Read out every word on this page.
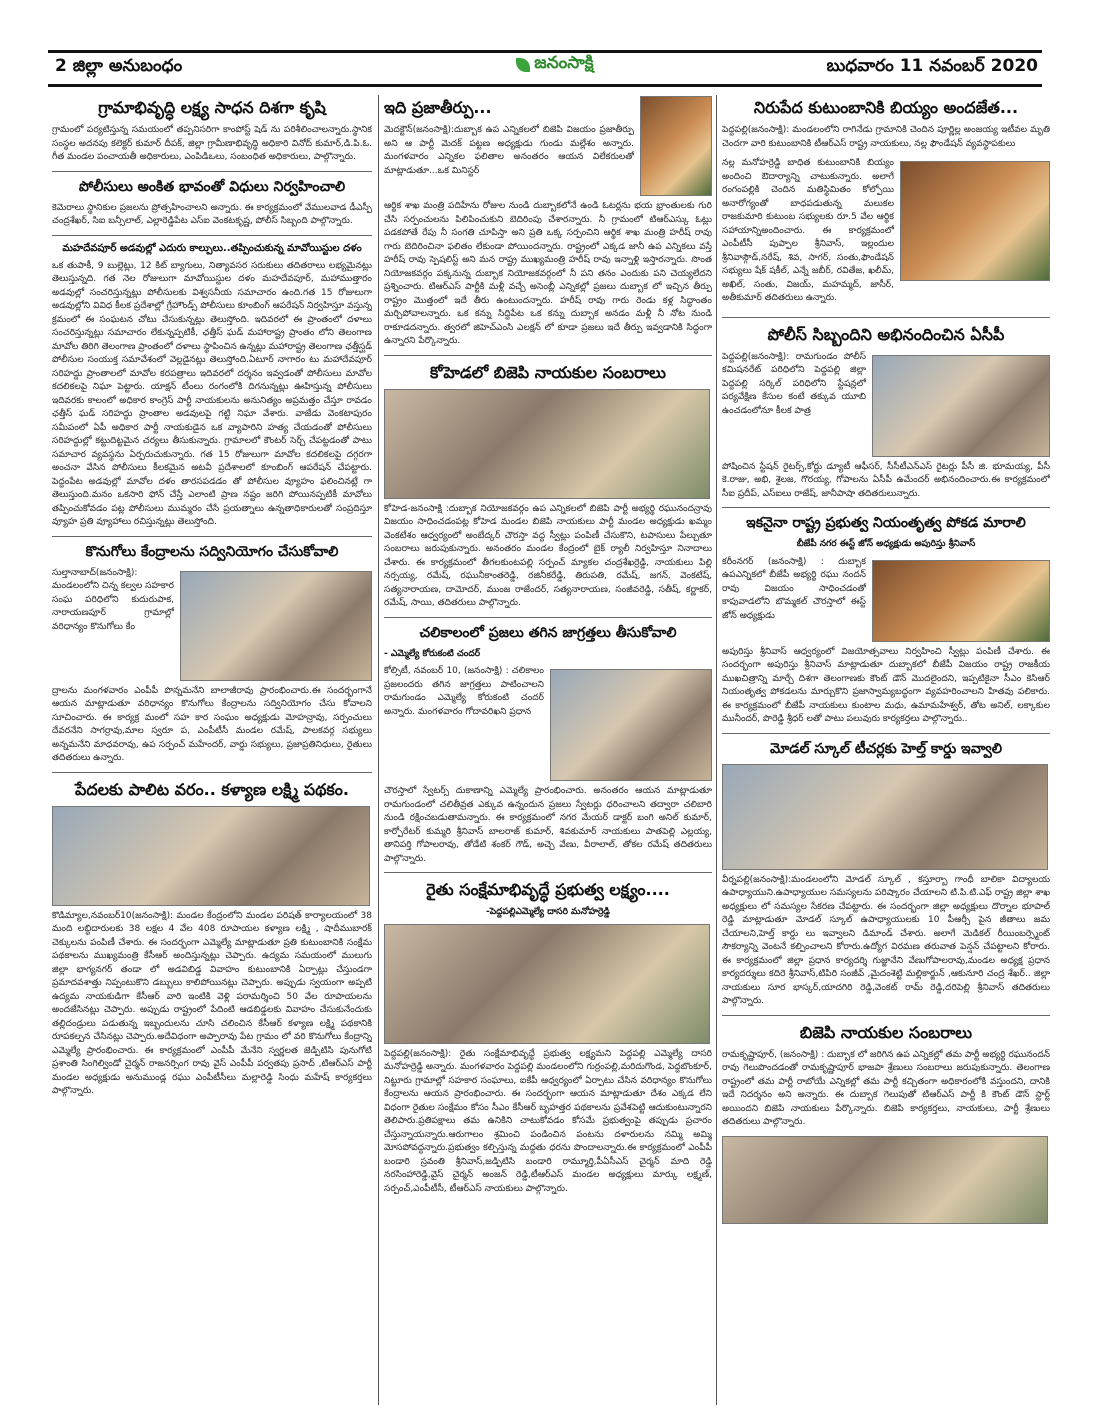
2 జిల్లా అనుబంధం	జనంసాక్షి	బుధవారం 11 నవంబర్ 2020
గ్రామాభివృద్ధి లక్ష్య సాధన దిశగా కృషి

గ్రామంలో పర్యటిస్తున్న సమయంలో తప్పనిసరిగా కాంపోస్ట్ షెడ్ ను పరిశీలించాలన్నారు.స్థానిక సంస్థల అదనపు కలెక్టర్ కుమార్ దీపక్, జిల్లా గ్రామీణాభివృద్ధి అధికారి వినోద్ కుమార్,డి.పి.ఓ. గీత మండల పంచాయతీ అధికారులు, ఎంపిడిఒలు, సంబంధిత అధికారులు, పాల్గొన్నారు.

పోలీసులు అంకిత భావంతో విధులు నిర్వహించాలి

కెమెరాలు స్థానికుల ప్రజలను ప్రోత్సహించాలని అన్నారు. ఈ కార్యక్రమంలో వేములవాడ డీఎస్పీ చంద్రశేఖర్, సిఐ బన్సీలాల్, ఎల్లారెడ్డిపేట ఎస్ఐ వెంకటకృష్ణ, పోలీస్ సిబ్బంది పాల్గొన్నారు.

మహదేవపూర్ అడవుల్లో ఎదురు కాల్పులు..తప్పించుకున్న మావోయిస్టుల దళం

ఒక తుపాకీ, 9 బుల్లెట్లు, 12 కిట్ బ్యాగులు, నిత్యావసర సరుకులు తదితరాలు లభ్యమైనట్లు తెలుస్తున్నది. గత నెల రోజులుగా మావోయిస్టుల దళం మహదేవపూర్, మహాముత్తారం అడవుల్లో సంచరిస్తున్నట్లు పోలీసులకు విశ్వసనీయ సమాచారం ఉంది.గత 15 రోజులుగా అడవుల్లోని వివిధ కీలక ప్రదేశాల్లో గ్రేహౌండ్స్ పోలీసులు కూంబింగ్ ఆపరేషన్ నిర్వహిస్తూ వస్తున్న క్రమంలో ఈ సంఘటన చోటు చేసుకున్నట్లు తెలుస్తోంది. ఇదివరలో ఈ ప్రాంతంలో దళాలు సంచరిస్తున్నట్లు సమాచారం లేకున్నప్పటికీ, ఛత్తీస్ ఘడ్ మహారాష్ట్ర ప్రాంతం లోని తెలంగాణ మావోల తిరిగి తెలంగాణ ప్రాంతంలో దళాలు స్థాపించిన ఉన్నట్లు మహారాష్ట్ర తెలంగాణ ఛత్తీస్ఘడ్ పోలీసుల సంయుక్త సమావేశంలో వెల్లడైనట్లు తెలుస్తోంది.ఏటూర్ నాగారం టు మహాదేవపూర్ సరిహద్దు ప్రాంతాలలో మావోల కరపత్రాలు ఇదివరలో దర్శనం ఇవ్వడంతో పోలీసులు మావోల కదలికలపై నిఘా పెట్టారు. యాక్షన్ టీంలు రంగంలోకి దిగనున్నట్లు ఊహిస్తున్న పోలీసులు ఇదివరకు కాలంలో అధికార కాంగ్రెస్ పార్టీ నాయకులను అనునిత్యం అప్రమత్తం చేస్తూ రావడం ఛత్తీస్ ఘడ్ సరిహద్దు ప్రాంతాల అడవులపై గట్టి నిఘా వేశారు. వాజేడు వెంకటాపురం సమీపంలో ఏపీ అధికార పార్టీ నాయకుడైన ఒక వ్యాపారిని హత్య చేయడంతో పోలీసులు సరిహద్దుల్లో కట్టుదిట్టమైన చర్యలు తీసుకున్నారు. గ్రామాలలో కౌంటర్ సెర్చ్ చేపట్టడంతో పాటు సమాచార వ్యవస్థను ఏర్పరుచుకున్నారు. గత 15 రోజులుగా మావోల కదలికలపై దగ్గరగా అంచనా వేసిన పోలీసులు కీలకమైన అటవీ ప్రదేశాలలో కూంబింగ్ ఆపరేషన్ చేపట్టారు. పెద్దంపేట అడవుల్లో మావోల దళం తారసపడడం తో పోలీసుల వ్యూహం ఫలించినట్లే గా తెలుస్తుంది.మనం ఒకసారి ఫోన్ చేస్తే ఎలాంటి ప్రాణ నష్టం జరిగి పోయినప్పటికీ మావోలు తప్పించుకోవడం పట్ల పోలీసులు ముమ్మరం చేసే ప్రయత్నాలు ఉన్నతాధికారులతో సంప్రదిస్తూ వ్యూహ ప్రతి వ్యూహాలు రచిస్తున్నట్లు తెలుస్తోంది.

కొనుగోలు కేంద్రాలను సద్వినియోగం చేసుకోవాలి

సుల్తానాబాద్(జనంసాక్షి): మండలంలోని చిన్న కల్వల సహకార సంఘ పరిధిలోని కుదురుపాక, నారాయణపూర్ గ్రామాల్లో వరిధాన్యం కొనుగోలు కేం

ద్రాలను మంగళవారం ఎంపీపీ పొన్నమనేని బాలాజీరావు ప్రారంభించారు.ఈ సందర్భంగానే ఆయన మాట్లాడుతూ వరిధాన్యం కొనుగోలు కేంద్రాలను సద్వినియోగం చేసు కోవాలని సూచించారు. ఈ కార్యక్ర మంలో సహ కార సంఘం అధ్యక్షుడు మోహన్రావు, సర్పంచులు దేవరనేని సాగర్రావు,మాల స్వరూ ప, ఎంపీటీసీ మండల రమేష్, పాలకవర్గ సభ్యులు అన్నమనేని మాధవరావు, ఉప సర్పంచ్ మహేందర్, వార్డు సభ్యులు, ప్రజాప్రతినిధులు, రైతులు తదితరులు ఉన్నారు.

పేదలకు పాలిట వరం.. కళ్యాణ లక్ష్మి పథకం.

కొడిమ్యాల,నవంబర్10(జనంసాక్షి): మండల కేంద్రంలోని మండల పరిషత్ కార్యాలయంలో 38 మంది లబ్ధిదారులకు 38 లక్షల 4 వేల 408 రూపాయల కళ్యాణ లక్ష్మి , షాదీముబారక్ చెక్కులను పంపిణీ చేశారు. ఈ సందర్భంగా ఎమ్మెల్యే మాట్లాడుతూ ప్రతి కుటుంబానికి సంక్షేమ పథకాలను ముఖ్యమంత్రి కేసీఆర్ అందిస్తున్నట్లు చెప్పారు. ఉద్యమ సమయంలో ములుగు జిల్లా భాగ్యనగర్ తండా లో అడవిబిడ్డ వివాహం కుటుంబానికి ఏర్పాట్లు చేస్తుండగా ప్రమాదవశాత్తు నిప్పంటుకొని డబ్బులు కాలిపోయినట్లు చెప్పారు. అప్పుడు స్వయంగా అప్పటి ఉద్యమ నాయకుడిగా కేసీఆర్ వారి ఇంటికి వెళ్లి పరామర్శించి 50 వేల రూపాయలను అందజేసినట్లు చెప్పారు. అప్పుడు రాష్ట్రంలో పేదింటి ఆడబిడ్డలకు వివాహం చేసుకునేందుకు తల్లిదండ్రులు పడుతున్న ఇబ్బందులను చూసి చలించిన కేసీఆర్ కళ్యాణ లక్ష్మి పథకానికి రూపకల్పన చేసినట్లు చెప్పారు.అదేవిధంగా అప్పారావు పేట గ్రామం లో వరి కొనుగోలు కేంద్రాన్ని ఎమ్మెల్యే ప్రారంభించారు. ఈ కార్యక్రమంలో ఎంపీపీ మేనేని స్వర్ణలత జెడ్పిటిసి పునుగోటి ప్రశాంతి సింగిల్విండో చైర్మన్ రాజనర్సింగ రావు వైస్ ఎంపీపీ పర్వతపు ప్రసాద్ ,టిఆర్ఎస్ పార్టీ మండల అధ్యక్షుడు అనుముండ్ల రఘు ఎంపీటీసీలు మల్లారెడ్డి సింధు మహేష్ కార్యకర్తలు పాల్గొన్నారు.

ఇది ప్రజాతీర్పు...

మెదక్టౌన్(జనంసాక్షి):దుబ్బాక ఉప ఎన్నికలలో బిజెపి విజయం ప్రజాతీర్పు అని ఆ పార్టీ మెదక్ పట్టణ అధ్యక్షుడు గుండు మల్లేశం అన్నారు. మంగళవారం ఎన్నికల ఫలితాల అనంతరం ఆయన విలేకరులతో మాట్లాడుతూ...ఒక మినిస్టర్

ఆర్థిక శాఖ మంత్రి పదిహేను రోజుల నుండి దుబ్బాకలోనే ఉండి ఓటర్లను భయ భ్రాంతులకు గురి చేసి సర్పంచులను పిలిపించుకుని బెదిరింపు చేశారన్నారు. నీ గ్రామంలో టిఆర్ఎస్కు ఓట్లు పడకపోతే రేపు నీ సంగతి చూపిస్తా అని ప్రతి ఒక్క సర్పంచిని ఆర్థిక శాఖ మంత్రి హరీష్ రావు గారు బెదిరించినా ఫలితం లేకుండా పోయిందన్నారు. రాష్ట్రంలో ఎక్కడ జానీ ఉప ఎన్నికలు వస్తే హరీష్ రావు స్పెషలిస్ట్ అని మన రాష్ట్ర ముఖ్యమంత్రి హరీష్ రావు ఇన్నాళ్లి ఇస్తారన్నారు. సొంత నియోజకవర్గం పక్కనున్న దుబ్బాక నియోజకవర్గంలో నీ పని తనం ఎందుకు పని చెయ్యలేదని ప్రశ్నించారు. టిఆర్ఎస్ పార్టీకి మళ్లీ వచ్చే అసెంబ్లీ ఎన్నికల్లో ప్రజలు దుబ్బాక లో ఇచ్చిన తీర్పు రాష్ట్రం మొత్తంలో ఇదే తీరు ఉంటుందన్నారు. హరీష్ రావు గారు రెండు కళ్ల సిద్ధాంతం మర్చిపోవాలన్నారు. ఒక కన్ను సిద్దిపేట ఒక కన్ను దుబ్బాక అనడం మళ్లీ నీ నోట నుండి రాకూడదన్నారు. త్వరలో జిహెచ్ఎంసి ఎలక్షన్ లో కూడా ప్రజలు ఇదే తీర్పు ఇవ్వడానికి సిద్ధంగా ఉన్నారని పేర్కొన్నారు.

కోహెడలో బిజెపి నాయకుల సంబరాలు

కోహెడ-జనంసాక్షి :దుబ్బాక నియోజకవర్గం ఉప ఎన్నికలలో బిజెపి పార్టీ అభ్యర్థి రఘునందన్రావు విజయం సాధించడంపట్ల కోహెడ మండల బిజెపి నాయకులు పార్టీ మండల అధ్యక్షుడు ఖమ్మం వెంకటేశం ఆధ్వర్యంలో అంబేద్కర్ చౌరస్తా వద్ద స్వీట్లు పంపిణీ చేసుకొని, టపాసులు పేల్చుతూ సంబరాలు జరుపుకున్నారు. అనంతరం మండల కేంద్రంలో బైక్ ర్యాలీ నిర్వహిస్తూ నినాదాలు చేశారు. ఈ కార్యక్రమంలో తీగలకుంటపల్లి సర్పంచ్ మ్యాకల చంద్రశేఖర్రెడ్డి, నాయకులు పిల్లి నర్సయ్య, రమేష్, రఘునీకాంతరెడ్డి, రజినీకరేడ్డి, తిరుపతి, రమేష్, జగన్, వెంకటేష్, సత్యనారాయణ, దామోదర్, ముంజ రాజేందర్, సత్యనారాయణ, సంజీవరెడ్డి, సతీష్, కర్ణాకర్, రమేష్, సాయి, తదితరులు పాల్గొన్నారు.

చలికాలంలో ప్రజలు తగిన జాగ్రత్తలు తీసుకోవాలి
- ఎమ్మెల్యే కోరుకంటి చందర్

కోల్సిటీ, నవంబర్ 10, (జనంసాక్షి) : చలికాలం ప్రజలందరు తగిన జాగ్రత్తలు పాటించాలని రామగుండం ఎమ్మెల్యే కోరుకంటి చందర్ అన్నారు. మంగళవారం గోదావరిఖని ప్రధాన

చౌరస్తాలో స్వేటర్స్ దుకాణాన్ని ఎమ్మెల్యే ప్రారంభించారు. అనంతరం ఆయన మాట్లాడుతూ రామగుండంలో చలితీవ్రత ఎక్కువ ఉన్నందున ప్రజలు స్వేటర్లు ధరించాలని తద్వారా చలిబారి నుండి రక్షించబడుతామన్నారు. ఈ కార్యక్రమంలో నగర మేయర్ డాక్టర్ బంగి అనిల్ కుమార్, కార్పోరేటర్ కుమ్మరి శ్రీనివాస్ బాలరాజ్ కుమార్, శివకుమార్ నాయకులు పాతపెల్లి ఎల్లయ్య, తానిపర్తి గోపాలరావు, తోడేటి శంకర్ గౌడ్, అచ్చె వేణు, వీరాలాల్, తోకల రమేష్ తదితరులు పాల్గొన్నారు.

రైతు సంక్షేమాభివృద్ధే ప్రభుత్వ లక్ష్యం....
-పెద్దపల్లిఎమ్మెల్యే దాసరి మనోహర్రెడ్డి

పెద్దపల్లి(జనంసాక్షి): రైతు సంక్షేమాభివృద్ధే ప్రభుత్వ లక్ష్యమని పెద్దపల్లి ఎమ్మెల్యే దాసరి మనోహర్రెడ్డి అన్నారు. మంగళవారం పెద్దపల్లి మండలంలోని గుర్రంపల్లి,మరిదుగొండ, పెద్దబొంకూర్, నిట్టూరు గ్రామాల్లో సహకార సంఘాలు, ఐకేపీ ఆధ్వర్యంలో ఏర్పాటు చేసిన వరిధాన్యం కొనుగోలు కేంద్రాలను ఆయన ప్రారంభించారు. ఈ సందర్భంగా ఆయన మాట్లాడుతూ దేశం ఎక్కడ లేని విధంగా రైతుల సంక్షేమం కోసం సీఎం కేసీఆర్ బృహత్తర పథకాలను ప్రవేశపెట్టి ఆదుకుంటున్నారని తెలిపారు.ప్రతిపక్షాలు తమ ఉనికిని చాటుకోవడం కోసమే ప్రభుత్వంపై తప్పుడు ప్రచారం చేస్తున్నాయన్నారు.ఆరుగాలం శ్రమించి పండించిన పంటను దళారులను నమ్మి అమ్మి మోసపోవద్దన్నారు.ప్రభుత్వం కల్పిస్తున్న మద్దతు ధరను పొందాలన్నారు.ఈ కార్యక్రమంలో ఎంపీపీ బండారి స్రవంతి శ్రీనివాస్,జడ్పిటిసి బండారి రామ్మూర్తి,పీఏసీఎస్ చైర్మన్ మాది రెడ్డి నరసింహారెడ్డి,వైస్ చైర్మన్ అంజన్ రెడ్డి,టీఆర్ఎస్ మండల అధ్యక్షులు మార్కు లక్ష్మణ్, సర్పంచ్,ఎంపీటీసీ, టీఆర్ఎస్ నాయకులు పాల్గొన్నారు.

నిరుపేద కుటుంబానికి బియ్యం అందజేత...

పెద్దపల్లి(జనంసాక్షి): మండలంలోని రాగినేడు గ్రామానికి చెందిన పూర్ణిల్ల అంజయ్య ఇటీవల మృతి చెందగా వారి కుటుంబానికి టీఆర్ఎస్ రాష్ట్ర నాయకులు, నల్ల ఫౌండేషన్ వ్యవస్థాపకులు

నల్ల మనోహర్రెడ్డి బాధిత కుటుంబానికి బియ్యం అందించి ఔదార్యాన్ని చాటుకున్నారు. అలాగే రంగంపల్లికి చెందిన మతిస్థిమితం కోల్పోయి అనారోగ్యంతో బాధపడుతున్న మలుకల రాజకుమారి కుటుంబ సభ్యులకు రూ.5 వేల ఆర్థిక సహాయాన్నిఅందించారు. ఈ కార్యక్రమంలో ఎంపీటీసీ పుప్పాల శ్రీనివాస్, ఇల్లందుల శ్రీనివాస్గౌడ్,నరేష్, శివ, సాగర్, సంతు,ఫౌండేషన్ సభ్యులు షేక్ షకీల్, ఎన్నే జబీర్, రవితేజ, ఖలీమ్, అఖిల్, సంతు, విజయ్, మహమ్మద్, జాసీర్, అతీకుమార్ తదితరులు ఉన్నారు.

పోలీస్ సిబ్బందిని అభినందించిన ఏసీపీ

పెద్దపల్లి(జనంసాక్షి): రామగుండం పోలీస్ కమిషనరేట్ పరిధిలోని పెద్దపల్లి జిల్లా పెద్దపల్లి సర్కిల్ పరిధిలోని స్టేషన్లలో పర్యవేక్షిణ కేసుల కంటే తక్కువ యూబి ఉంచడంలోనూ కీలక పాత్ర

పోషించిన స్టేషన్ రైటర్స్,కోర్టు డ్యూటీ ఆఫీసర్, సీసీటీఎన్ఎస్ రైటర్లు పీసీ జి. భూమయ్య, పీసీ కె.రాజు, అభి, శైలజ, గొరయ్య, గోపాలను ఏసీపీ ఉమేందర్ అభినందించారు.ఈ కార్యక్రమంలో సీఐ ప్రదీప్, ఎస్ఐలు రాజేష్, జానీపాషా తదితరులున్నారు.

ఇకనైనా రాష్ట్ర ప్రభుత్వ నియంతృత్వ పోకడ మారాలి
బీజేపీ నగర ఈస్ట్ జోన్ అధ్యక్షుడు అపురిస్తు శ్రీనివాస్

కరీంనగర్ (జనంసాక్షి) : దుబ్బాక ఉపఎన్నికలో బీజేపీ అభ్యర్థి రఘు నందన్ రావు విజయం సాధించడంతో కాపువాడలోని బొమ్మకల్ చౌరస్తాలో ఈస్ట్ జోన్ అధ్యక్షుడు

అపురిస్తు శ్రీనివాస్ ఆధ్వర్యంలో విజయోత్సవాలు నిర్వహించి స్వీట్లు పంపిణీ చేశారు. ఈ సందర్భంగా అపురిస్తు శ్రీనివాస్ మాట్లాడుతూ దుబ్బాకలో బీజేపీ విజయం రాష్ట్ర రాజకీయ ముఖచిత్రాన్ని మార్చే దిశగా తెలంగాణకు కౌంట్ డౌన్ మొదలైందని, ఇప్పటికైనా సీఎం కెసిఆర్ నియంతృత్వ పోకడలను మార్చుకొని ప్రజాస్వామ్యబద్ధంగా వ్యవహరించాలని హితవు పలికారు. ఈ కార్యక్రమంలో బీజేపీ నాయకులు కుంటాల మధు, ఉమామహేశ్వర్, తోట అనిల్, లక్కాకుల మునీందర్, పొరెడ్డి శ్రీధర్ లతో పాటు పలువురు కార్యకర్తలు పాల్గొన్నారు..

మోడల్ స్కూల్ టీచర్లకు హెల్త్ కార్డు ఇవ్వాలి

వీర్నపల్లి(జనంసాక్షి):మండలంలోని మోడల్ స్కూల్ , కస్తూర్బా గాంధీ బాలికా విద్యాలయ ఉపాధ్యాయుని.ఉపాధ్యాయుల సమస్యలను పరిష్కారం చేయాలని టి.పి.టి.ఎఫ్ రాష్ట్ర జిల్లా శాఖ అధ్యక్షులు లో సమస్యల సేకరణ చేపట్టారు. ఈ సందర్భంగా జిల్లా అధ్యక్షులు దొర్నాల భూపాల్ రెడ్డి మాట్లాడుతూ మోడల్ స్కూల్ ఉపాధ్యాయులకు 10 పీఆర్సీ పైన జీతాలు జమ చేయాలని,హెల్త్ కార్డు లు ఇవ్వాలని డిమాండ్ చేశారు. అలాగే మెడికల్ రీయింబర్స్మెంట్ సౌకర్యాన్ని వెంటనే కల్పించాలని కోరారు.ఉద్యోగ విరమణ తరువాత పెన్షన్ చేపట్టాలని కోరారు. ఈ కార్యక్రమంలో జిల్లా ప్రధాన కార్యదర్శి గుజ్జానేని వేణుగోపాలరావు,మండల అధ్యక్ష ప్రధాన కార్యదర్శులు కదిరె శ్రీనివాస్,టిపిరి సంజీవ్ ,మైదంశెట్టి మల్లికార్జున్ ,ఆకునూరి చంద్ర శేఖర్.. జిల్లా నాయకులు సూర భాస్కర్,యాదగిరి రెడ్డి,వెంకట్ రామ్ రెడ్డి,దరిపెల్లి శ్రీనివాస్ తదితరులు పాల్గొన్నారు.

బిజెపి నాయకుల సంబరాలు

రామకృష్ణాపూర్, (జనంసాక్షి) : దుబ్బాక లో జరిగిన ఉప ఎన్నికల్లో తమ పార్టీ అభ్యర్థి రఘునందన్ రావు గెలుపొందడంతో రామకృష్ణాపూర్ భాజపా శ్రేణులు సంబరాలు జరుపుకున్నారు. తెలంగాణ రాష్ట్రంలో తమ పార్టీ రాబోయే ఎన్నికల్లో తమ పార్టీ కచ్చితంగా అధికారంలోకి వస్తుందని, దానికి ఇదే నిదర్శనం అని అన్నారు. ఈ దుబ్బాక గెలుపుతో టిఆర్ఎస్ పార్టీ కి కౌంట్ డౌన్ స్టార్ట్ అయిందని బిజెపి నాయకులు పేర్కొన్నారు. బిజెపి కార్యకర్తలు, నాయకులు, పార్టీ శ్రేణులు తదితరులు పాల్గొన్నారు.
